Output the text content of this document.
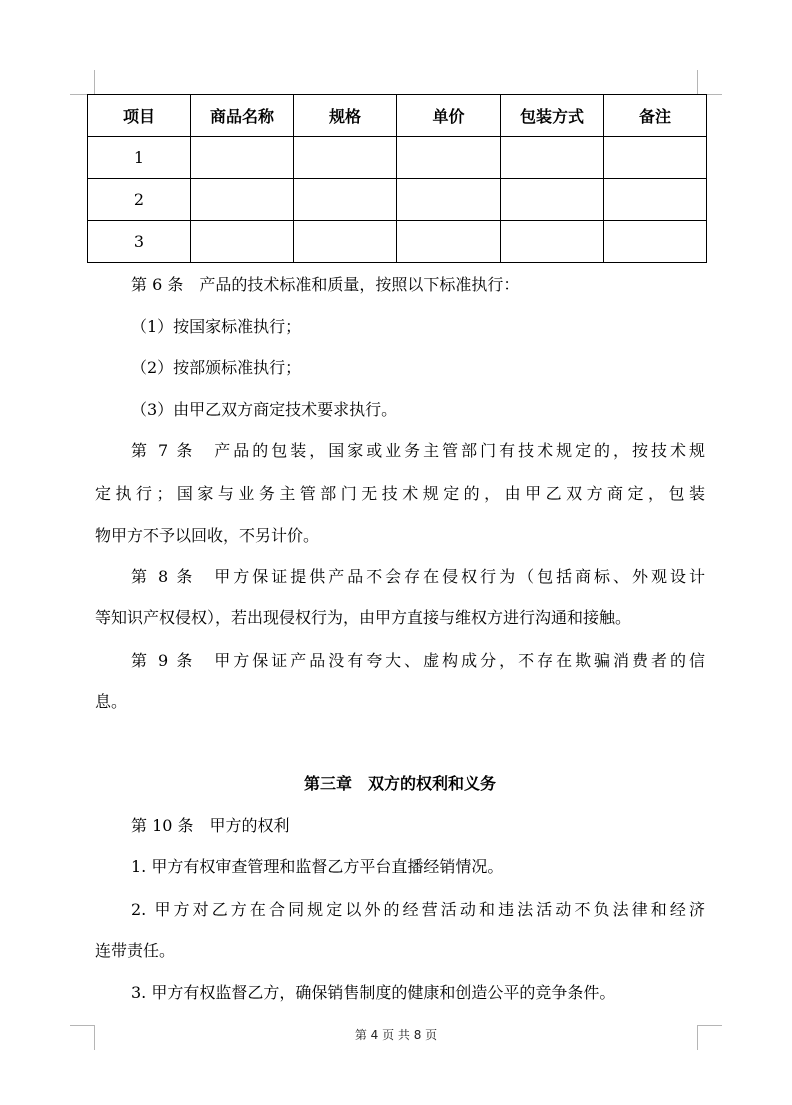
项目	商品名称	规格	单价	包装方式	备注
1					
2					
3					
第 6 条　产品的技术标准和质量，按照以下标准执行：
（1）按国家标准执行；
（2）按部颁标准执行；
（3）由甲乙双方商定技术要求执行。
第 7 条　产品的包装，国家或业务主管部门有技术规定的，按技术规
定执行；国家与业务主管部门无技术规定的，由甲乙双方商定，包装
物甲方不予以回收，不另计价。
第 8 条　甲方保证提供产品不会存在侵权行为（包括商标、外观设计
等知识产权侵权），若出现侵权行为，由甲方直接与维权方进行沟通和接触。
第 9 条　甲方保证产品没有夸大、虚构成分，不存在欺骗消费者的信
息。
第三章　双方的权利和义务
第 10 条　甲方的权利
1. 甲方有权审查管理和监督乙方平台直播经销情况。
2. 甲方对乙方在合同规定以外的经营活动和违法活动不负法律和经济
连带责任。
3. 甲方有权监督乙方，确保销售制度的健康和创造公平的竞争条件。
第 4 页 共 8 页
